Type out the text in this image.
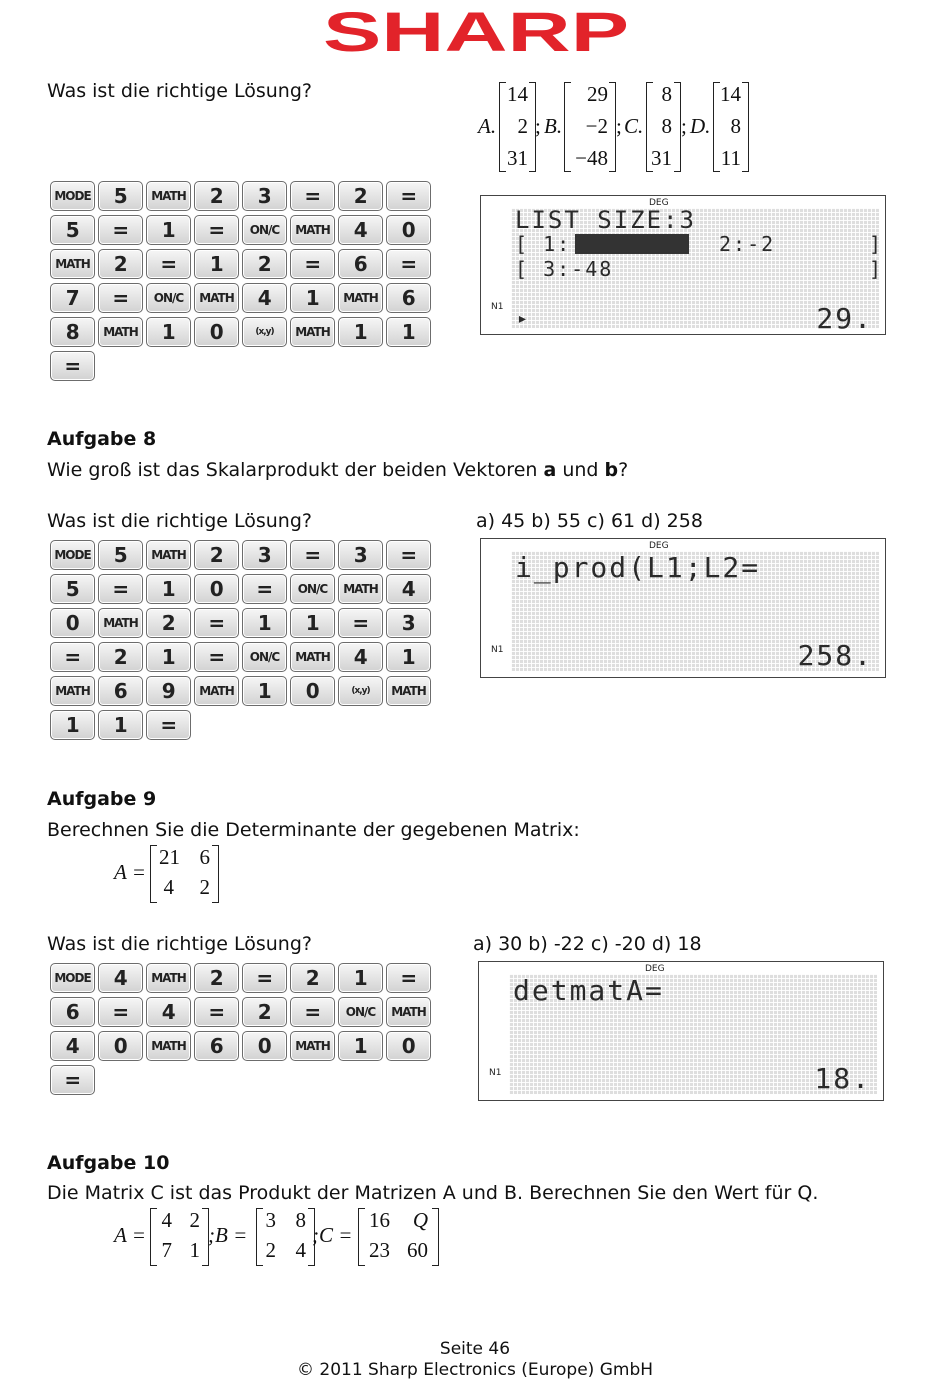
SHARP
Was ist die richtige Lösung?
A.
14
2
31
; B.
29
−2
−48
; C.
8
8
31
; D.
14
8
11
MODE	5	MATH	2	3	=	2	=
5	=	1	=	ON/C	MATH	4	0
MATH	2	=	1	2	=	6	=
7	=	ON/C	MATH	4	1	MATH	6
8	MATH	1	0	(x,y)	MATH	1	1
=
DEG
N1
LIST SIZE:3
[ 1:	2:-2	]
[ 3:-48	]
▸	29.
Aufgabe 8
Wie groß ist das Skalarprodukt der beiden Vektoren a und b?
Was ist die richtige Lösung?	a) 45 b) 55 c) 61 d) 258
MODE	5	MATH	2	3	=	3	=
5	=	1	0	=	ON/C	MATH	4
0	MATH	2	=	1	1	=	3
=	2	1	=	ON/C	MATH	4	1
MATH	6	9	MATH	1	0	(x,y)	MATH
1	1	=
DEG
N1
i_prod(L1;L2=
258.
Aufgabe 9
Berechnen Sie die Determinante der gegebenen Matrix:
A =
21 6
4	2
Was ist die richtige Lösung?	a) 30 b) -22 c) -20 d) 18
MODE	4	MATH	2	=	2	1	=
6	=	4	=	2	=	ON/C	MATH
4	0	MATH	6	0	MATH	1	0
=
DEG
N1
detmatA=
18.
Aufgabe 10
Die Matrix C ist das Produkt der Matrizen A und B. Berechnen Sie den Wert für Q.
A =
4 2
7 1
;B =
3 8
2 4
;C =
16	Q
23 60
Seite 46
© 2011 Sharp Electronics (Europe) GmbH
